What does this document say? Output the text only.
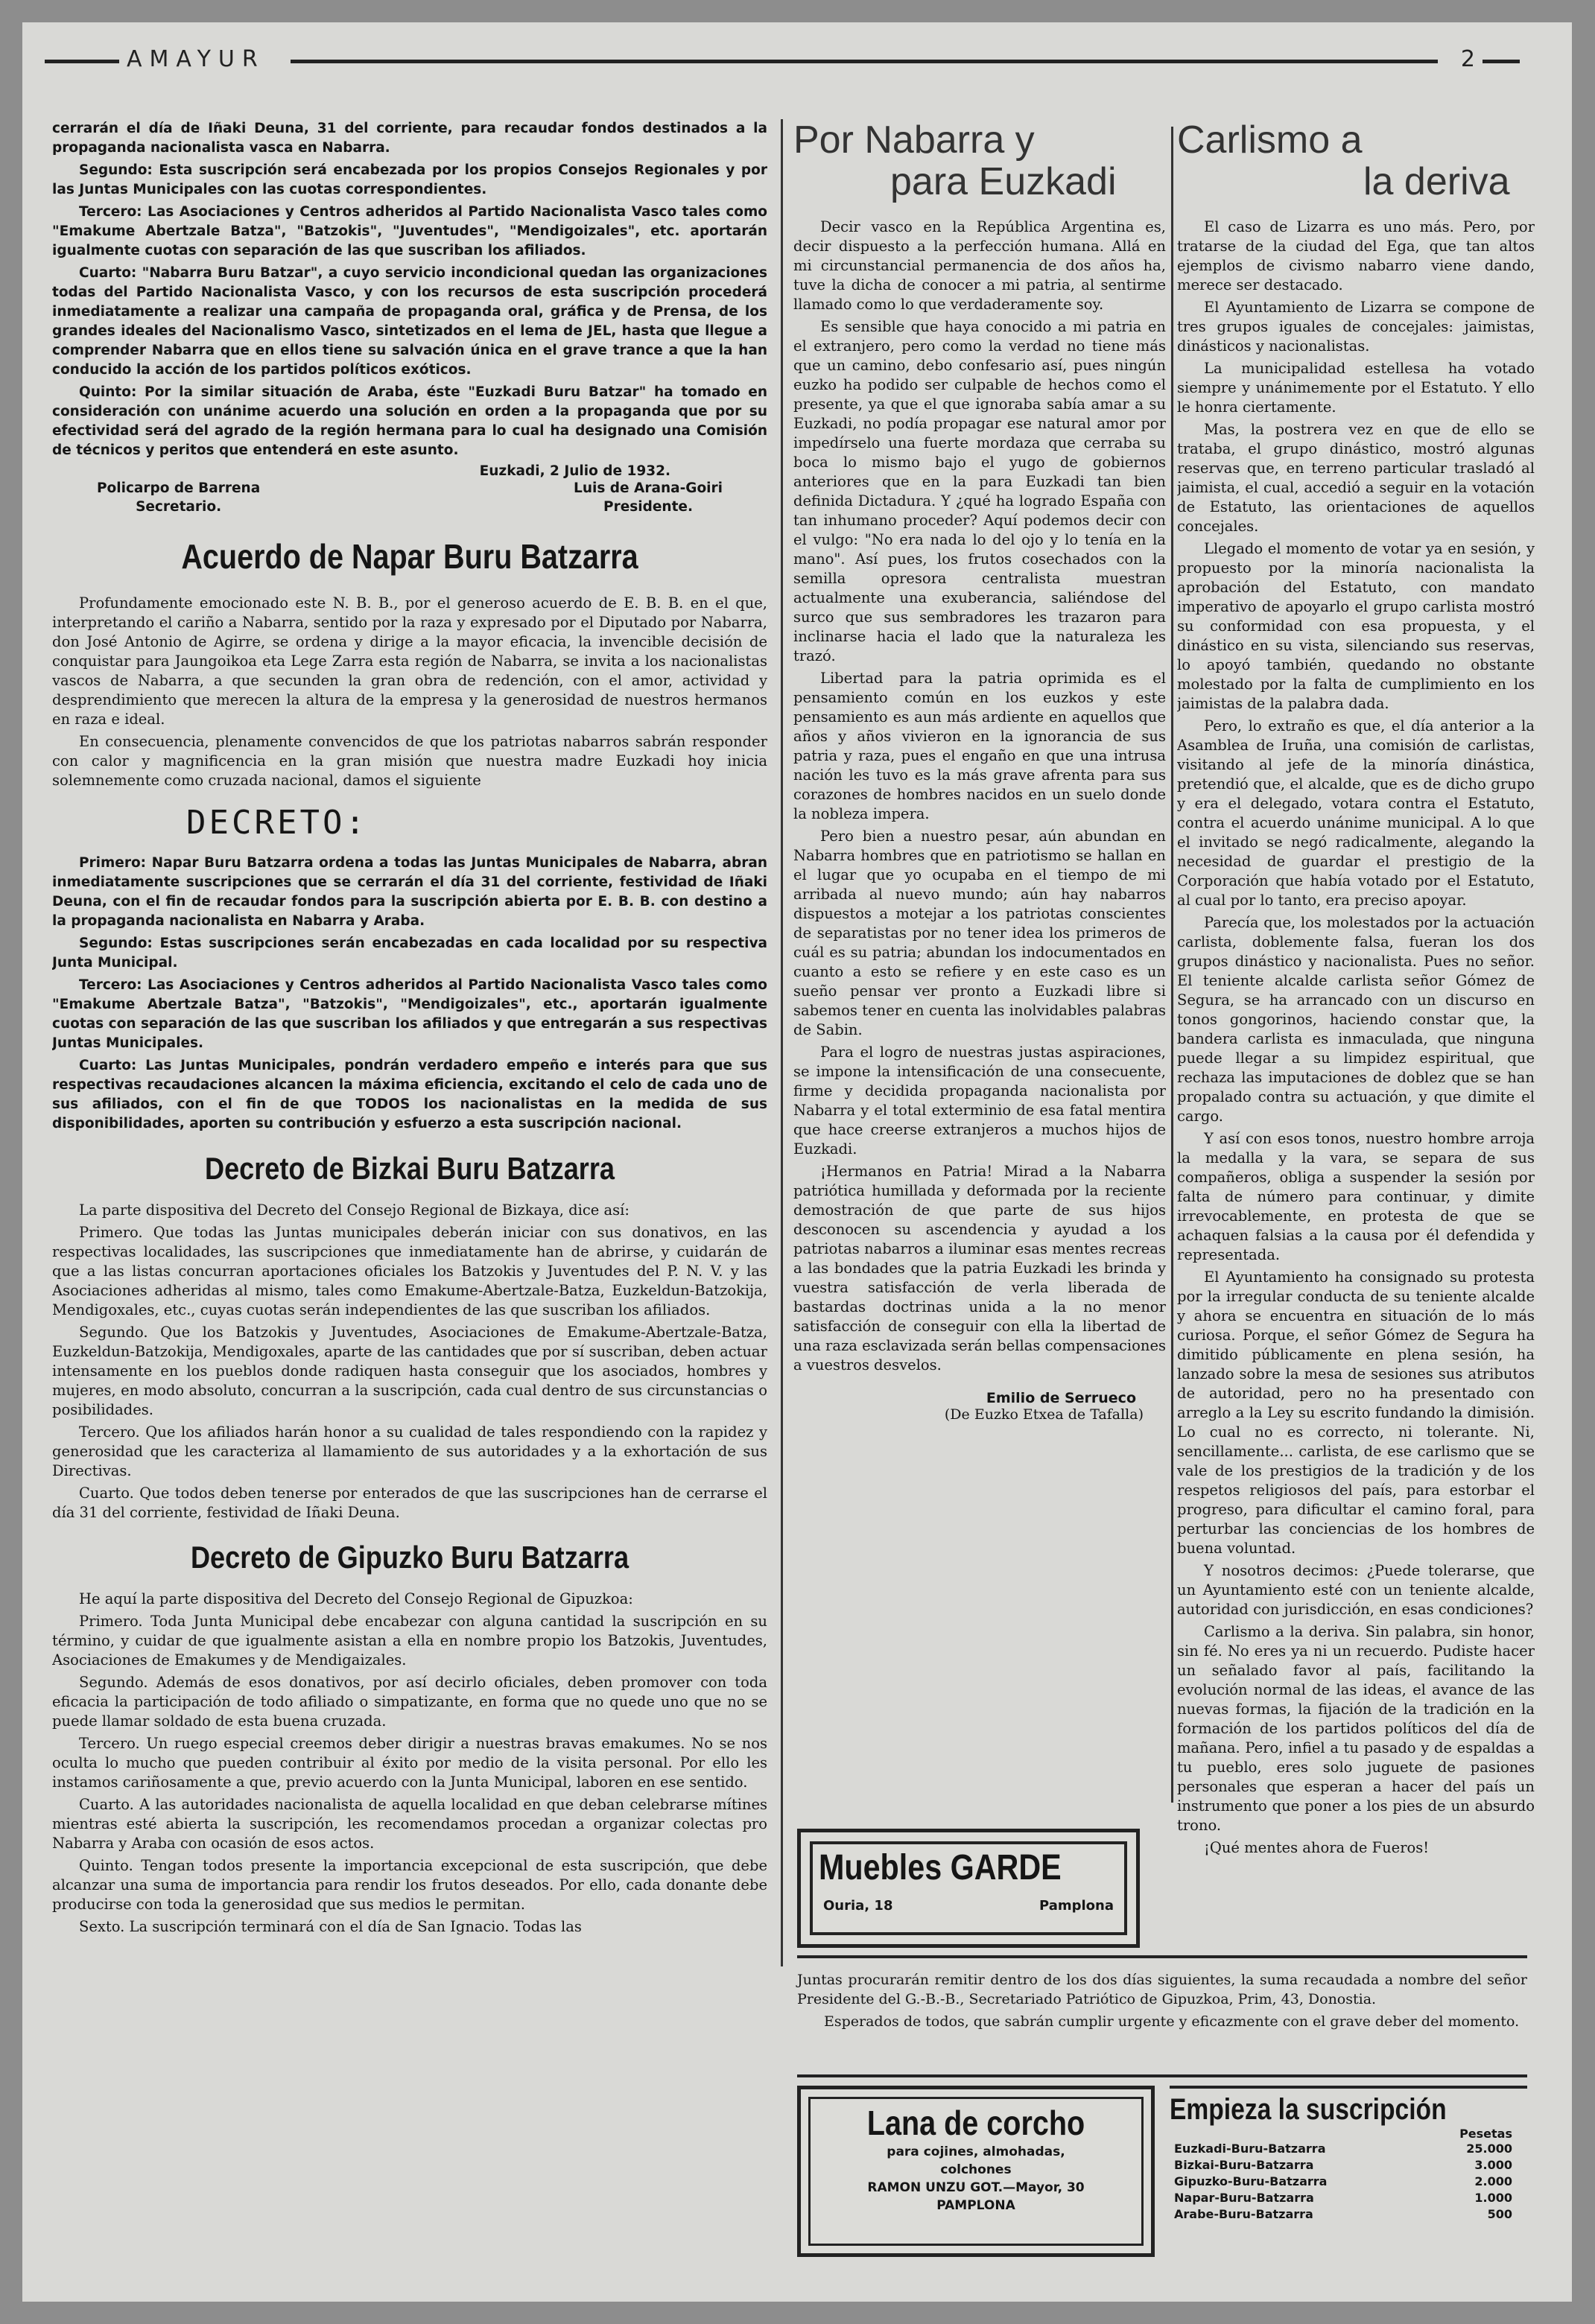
AMAYUR	2

cerrarán el día de Iñaki Deuna, 31 del corriente, para recaudar fondos destinados a la propaganda nacionalista vasca en Nabarra.

Segundo: Esta suscripción será encabezada por los propios Consejos Regionales y por las Juntas Municipales con las cuotas correspondientes.

Tercero: Las Asociaciones y Centros adheridos al Partido Nacionalista Vasco tales como "Emakume Abertzale Batza", "Batzokis", "Juventudes", "Mendigoizales", etc. aportarán igualmente cuotas con separación de las que suscriban los afiliados.

Cuarto: "Nabarra Buru Batzar", a cuyo servicio incondicional quedan las organizaciones todas del Partido Nacionalista Vasco, y con los recursos de esta suscripción procederá inmediatamente a realizar una campaña de propaganda oral, gráfica y de Prensa, de los grandes ideales del Nacionalismo Vasco, sintetizados en el lema de JEL, hasta que llegue a comprender Nabarra que en ellos tiene su salvación única en el grave trance a que la han conducido la acción de los partidos políticos exóticos.

Quinto: Por la similar situación de Araba, éste "Euzkadi Buru Batzar" ha tomado en consideración con unánime acuerdo una solución en orden a la propaganda que por su efectividad será del agrado de la región hermana para lo cual ha designado una Comisión de técnicos y peritos que entenderá en este asunto.

Euzkadi, 2 Julio de 1932.
Policarpo de Barrena
Secretario.
Luis de Arana-Goiri
Presidente.
Acuerdo de Napar Buru Batzarra

Profundamente emocionado este N. B. B., por el generoso acuerdo de E. B. B. en el que, interpretando el cariño a Nabarra, sentido por la raza y expresado por el Diputado por Nabarra, don José Antonio de Agirre, se ordena y dirige a la mayor eficacia, la invencible decisión de conquistar para Jaungoikoa eta Lege Zarra esta región de Nabarra, se invita a los nacionalistas vascos de Nabarra, a que secunden la gran obra de redención, con el amor, actividad y desprendimiento que merecen la altura de la empresa y la generosidad de nuestros hermanos en raza e ideal.

En consecuencia, plenamente convencidos de que los patriotas nabarros sabrán responder con calor y magnificencia en la gran misión que nuestra madre Euzkadi hoy inicia solemnemente como cruzada nacional, damos el siguiente

DECRETO:

Primero: Napar Buru Batzarra ordena a todas las Juntas Municipales de Nabarra, abran inmediatamente suscripciones que se cerrarán el día 31 del corriente, festividad de Iñaki Deuna, con el fin de recaudar fondos para la suscripción abierta por E. B. B. con destino a la propaganda nacionalista en Nabarra y Araba.

Segundo: Estas suscripciones serán encabezadas en cada localidad por su respectiva Junta Municipal.

Tercero: Las Asociaciones y Centros adheridos al Partido Nacionalista Vasco tales como "Emakume Abertzale Batza", "Batzokis", "Mendigoizales", etc., aportarán igualmente cuotas con separación de las que suscriban los afiliados y que entregarán a sus respectivas Juntas Municipales.

Cuarto: Las Juntas Municipales, pondrán verdadero empeño e interés para que sus respectivas recaudaciones alcancen la máxima eficiencia, excitando el celo de cada uno de sus afiliados, con el fin de que TODOS los nacionalistas en la medida de sus disponibilidades, aporten su contribución y esfuerzo a esta suscripción nacional.

Decreto de Bizkai Buru Batzarra

La parte dispositiva del Decreto del Consejo Regional de Bizkaya, dice así:

Primero. Que todas las Juntas municipales deberán iniciar con sus donativos, en las respectivas localidades, las suscripciones que inmediatamente han de abrirse, y cuidarán de que a las listas concurran aportaciones oficiales los Batzokis y Juventudes del P. N. V. y las Asociaciones adheridas al mismo, tales como Emakume-Abertzale-Batza, Euzkeldun-Batzokija, Mendigoxales, etc., cuyas cuotas serán independientes de las que suscriban los afiliados.

Segundo. Que los Batzokis y Juventudes, Asociaciones de Emakume-Abertzale-Batza, Euzkeldun-Batzokija, Mendigoxales, aparte de las cantidades que por sí suscriban, deben actuar intensamente en los pueblos donde radiquen hasta conseguir que los asociados, hombres y mujeres, en modo absoluto, concurran a la suscripción, cada cual dentro de sus circunstancias o posibilidades.

Tercero. Que los afiliados harán honor a su cualidad de tales respondiendo con la rapidez y generosidad que les caracteriza al llamamiento de sus autoridades y a la exhortación de sus Directivas.

Cuarto. Que todos deben tenerse por enterados de que las suscripciones han de cerrarse el día 31 del corriente, festividad de Iñaki Deuna.

Decreto de Gipuzko Buru Batzarra

He aquí la parte dispositiva del Decreto del Consejo Regional de Gipuzkoa:

Primero. Toda Junta Municipal debe encabezar con alguna cantidad la suscripción en su término, y cuidar de que igualmente asistan a ella en nombre propio los Batzokis, Juventudes, Asociaciones de Emakumes y de Mendigaizales.

Segundo. Además de esos donativos, por así decirlo oficiales, deben promover con toda eficacia la participación de todo afiliado o simpatizante, en forma que no quede uno que no se puede llamar soldado de esta buena cruzada.

Tercero. Un ruego especial creemos deber dirigir a nuestras bravas emakumes. No se nos oculta lo mucho que pueden contribuir al éxito por medio de la visita personal. Por ello les instamos cariñosamente a que, previo acuerdo con la Junta Municipal, laboren en ese sentido.

Cuarto. A las autoridades nacionalista de aquella localidad en que deban celebrarse mítines mientras esté abierta la suscripción, les recomendamos procedan a organizar colectas pro Nabarra y Araba con ocasión de esos actos.

Quinto. Tengan todos presente la importancia excepcional de esta suscripción, que debe alcanzar una suma de importancia para rendir los frutos deseados. Por ello, cada donante debe producirse con toda la generosidad que sus medios le permitan.

Sexto. La suscripción terminará con el día de San Ignacio. Todas las

Por Nabarra y
para Euzkadi

Decir vasco en la República Argentina es, decir dispuesto a la perfección humana. Allá en mi circunstancial permanencia de dos años ha, tuve la dicha de conocer a mi patria, al sentirme llamado como lo que verdaderamente soy.

Es sensible que haya conocido a mi patria en el extranjero, pero como la verdad no tiene más que un camino, debo confesario así, pues ningún euzko ha podido ser culpable de hechos como el presente, ya que el que ignoraba sabía amar a su Euzkadi, no podía propagar ese natural amor por impedírselo una fuerte mordaza que cerraba su boca lo mismo bajo el yugo de gobiernos anteriores que en la para Euzkadi tan bien definida Dictadura. Y ¿qué ha logrado España con tan inhumano proceder? Aquí podemos decir con el vulgo: "No era nada lo del ojo y lo tenía en la mano". Así pues, los frutos cosechados con la semilla opresora centralista muestran actualmente una exuberancia, saliéndose del surco que sus sembradores les trazaron para inclinarse hacia el lado que la naturaleza les trazó.

Libertad para la patria oprimida es el pensamiento común en los euzkos y este pensamiento es aun más ardiente en aquellos que años y años vivieron en la ignorancia de sus patria y raza, pues el engaño en que una intrusa nación les tuvo es la más grave afrenta para sus corazones de hombres nacidos en un suelo donde la nobleza impera.

Pero bien a nuestro pesar, aún abundan en Nabarra hombres que en patriotismo se hallan en el lugar que yo ocupaba en el tiempo de mi arribada al nuevo mundo; aún hay nabarros dispuestos a motejar a los patriotas conscientes de separatistas por no tener idea los primeros de cuál es su patria; abundan los indocumentados en cuanto a esto se refiere y en este caso es un sueño pensar ver pronto a Euzkadi libre si sabemos tener en cuenta las inolvidables palabras de Sabin.

Para el logro de nuestras justas aspiraciones, se impone la intensificación de una consecuente, firme y decidida propaganda nacionalista por Nabarra y el total exterminio de esa fatal mentira que hace creerse extranjeros a muchos hijos de Euzkadi.

¡Hermanos en Patria! Mirad a la Nabarra patriótica humillada y deformada por la reciente demostración de que parte de sus hijos desconocen su ascendencia y ayudad a los patriotas nabarros a iluminar esas mentes recreas a las bondades que la patria Euzkadi les brinda y vuestra satisfacción de verla liberada de bastardas doctrinas unida a la no menor satisfacción de conseguir con ella la libertad de una raza esclavizada serán bellas compensaciones a vuestros desvelos.

Emilio de Serrueco
(De Euzko Etxea de Tafalla)
Carlismo a
la deriva

El caso de Lizarra es uno más. Pero, por tratarse de la ciudad del Ega, que tan altos ejemplos de civismo nabarro viene dando, merece ser destacado.

El Ayuntamiento de Lizarra se compone de tres grupos iguales de concejales: jaimistas, dinásticos y nacionalistas.

La municipalidad estellesa ha votado siempre y unánimemente por el Estatuto. Y ello le honra ciertamente.

Mas, la postrera vez en que de ello se trataba, el grupo dinástico, mostró algunas reservas que, en terreno particular trasladó al jaimista, el cual, accedió a seguir en la votación de Estatuto, las orientaciones de aquellos concejales.

Llegado el momento de votar ya en sesión, y propuesto por la minoría nacionalista la aprobación del Estatuto, con mandato imperativo de apoyarlo el grupo carlista mostró su conformidad con esa propuesta, y el dinástico en su vista, silenciando sus reservas, lo apoyó también, quedando no obstante molestado por la falta de cumplimiento en los jaimistas de la palabra dada.

Pero, lo extraño es que, el día anterior a la Asamblea de Iruña, una comisión de carlistas, visitando al jefe de la minoría dinástica, pretendió que, el alcalde, que es de dicho grupo y era el delegado, votara contra el Estatuto, contra el acuerdo unánime municipal. A lo que el invitado se negó radicalmente, alegando la necesidad de guardar el prestigio de la Corporación que había votado por el Estatuto, al cual por lo tanto, era preciso apoyar.

Parecía que, los molestados por la actuación carlista, doblemente falsa, fueran los dos grupos dinástico y nacionalista. Pues no señor. El teniente alcalde carlista señor Gómez de Segura, se ha arrancado con un discurso en tonos gongorinos, haciendo constar que, la bandera carlista es inmaculada, que ninguna puede llegar a su limpidez espiritual, que rechaza las imputaciones de doblez que se han propalado contra su actuación, y que dimite el cargo.

Y así con esos tonos, nuestro hombre arroja la medalla y la vara, se separa de sus compañeros, obliga a suspender la sesión por falta de número para continuar, y dimite irrevocablemente, en protesta de que se achaquen falsias a la causa por él defendida y representada.

El Ayuntamiento ha consignado su protesta por la irregular conducta de su teniente alcalde y ahora se encuentra en situación de lo más curiosa. Porque, el señor Gómez de Segura ha dimitido públicamente en plena sesión, ha lanzado sobre la mesa de sesiones sus atributos de autoridad, pero no ha presentado con arreglo a la Ley su escrito fundando la dimisión. Lo cual no es correcto, ni tolerante. Ni, sencillamente... carlista, de ese carlismo que se vale de los prestigios de la tradición y de los respetos religiosos del país, para estorbar el progreso, para dificultar el camino foral, para perturbar las conciencias de los hombres de buena voluntad.

Y nosotros decimos: ¿Puede tolerarse, que un Ayuntamiento esté con un teniente alcalde, autoridad con jurisdicción, en esas condiciones?

Carlismo a la deriva. Sin palabra, sin honor, sin fé. No eres ya ni un recuerdo. Pudiste hacer un señalado favor al país, facilitando la evolución normal de las ideas, el avance de las nuevas formas, la fijación de la tradición en la formación de los partidos políticos del día de mañana. Pero, infiel a tu pasado y de espaldas a tu pueblo, eres solo juguete de pasiones personales que esperan a hacer del país un instrumento que poner a los pies de un absurdo trono.

¡Qué mentes ahora de Fueros!

Muebles GARDE
Ouria, 18	Pamplona

Juntas procurarán remitir dentro de los dos días siguientes, la suma recaudada a nombre del señor Presidente del G.-B.-B., Secretariado Patriótico de Gipuzkoa, Prim, 43, Donostia.

Esperados de todos, que sabrán cumplir urgente y eficazmente con el grave deber del momento.

Lana de corcho
para cojines, almohadas,
colchones
RAMON UNZU GOT.—Mayor, 30
PAMPLONA
Empieza la suscripción
Pesetas
Euzkadi-Buru-Batzarra	25.000
Bizkai-Buru-Batzarra	3.000
Gipuzko-Buru-Batzarra	2.000
Napar-Buru-Batzarra	1.000
Arabe-Buru-Batzarra	500
